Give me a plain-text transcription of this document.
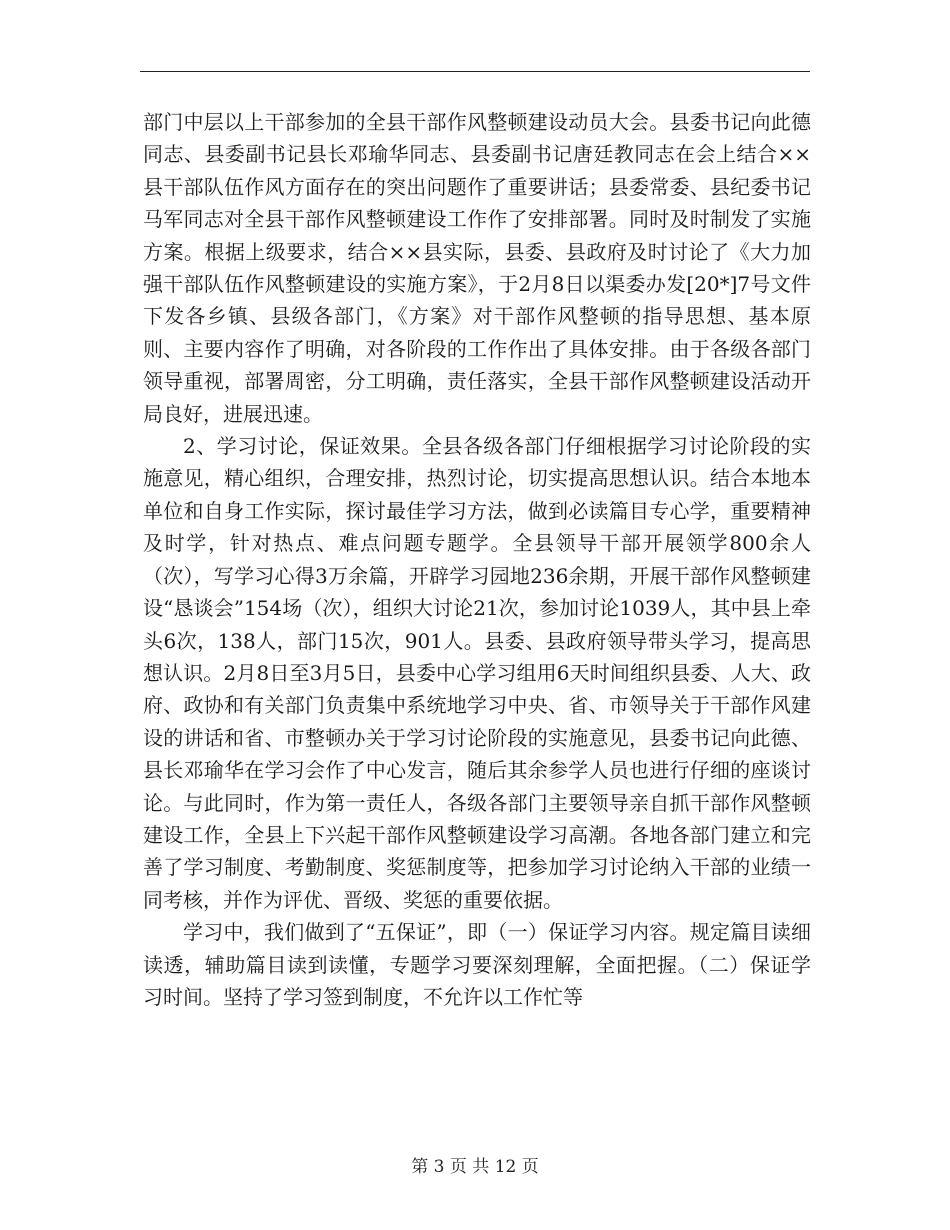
部门中层以上干部参加的全县干部作风整顿建设动员大会。县委书记向此德同志、县委副书记县长邓瑜华同志、县委副书记唐廷教同志在会上结合××县干部队伍作风方面存在的突出问题作了重要讲话；县委常委、县纪委书记马军同志对全县干部作风整顿建设工作作了安排部署。同时及时制发了实施方案。根据上级要求，结合××县实际，县委、县政府及时讨论了《大力加强干部队伍作风整顿建设的实施方案》，于2月8日以渠委办发[20*]7号文件下发各乡镇、县级各部门，《方案》对干部作风整顿的指导思想、基本原则、主要内容作了明确，对各阶段的工作作出了具体安排。由于各级各部门领导重视，部署周密，分工明确，责任落实，全县干部作风整顿建设活动开局良好，进展迅速。

2、学习讨论，保证效果。全县各级各部门仔细根据学习讨论阶段的实施意见，精心组织，合理安排，热烈讨论，切实提高思想认识。结合本地本单位和自身工作实际，探讨最佳学习方法，做到必读篇目专心学，重要精神及时学，针对热点、难点问题专题学。全县领导干部开展领学800余人（次），写学习心得3万余篇，开辟学习园地236余期，开展干部作风整顿建设“恳谈会”154场（次），组织大讨论21次，参加讨论1039人，其中县上牵头6次，138人，部门15次，901人。县委、县政府领导带头学习，提高思想认识。2月8日至3月5日，县委中心学习组用6天时间组织县委、人大、政府、政协和有关部门负责集中系统地学习中央、省、市领导关于干部作风建设的讲话和省、市整顿办关于学习讨论阶段的实施意见，县委书记向此德、县长邓瑜华在学习会作了中心发言，随后其余参学人员也进行仔细的座谈讨论。与此同时，作为第一责任人，各级各部门主要领导亲自抓干部作风整顿建设工作，全县上下兴起干部作风整顿建设学习高潮。各地各部门建立和完善了学习制度、考勤制度、奖惩制度等，把参加学习讨论纳入干部的业绩一同考核，并作为评优、晋级、奖惩的重要依据。

学习中，我们做到了“五保证”，即（一）保证学习内容。规定篇目读细读透，辅助篇目读到读懂，专题学习要深刻理解，全面把握。（二）保证学习时间。坚持了学习签到制度，不允许以工作忙等

第 3 页 共 12 页
